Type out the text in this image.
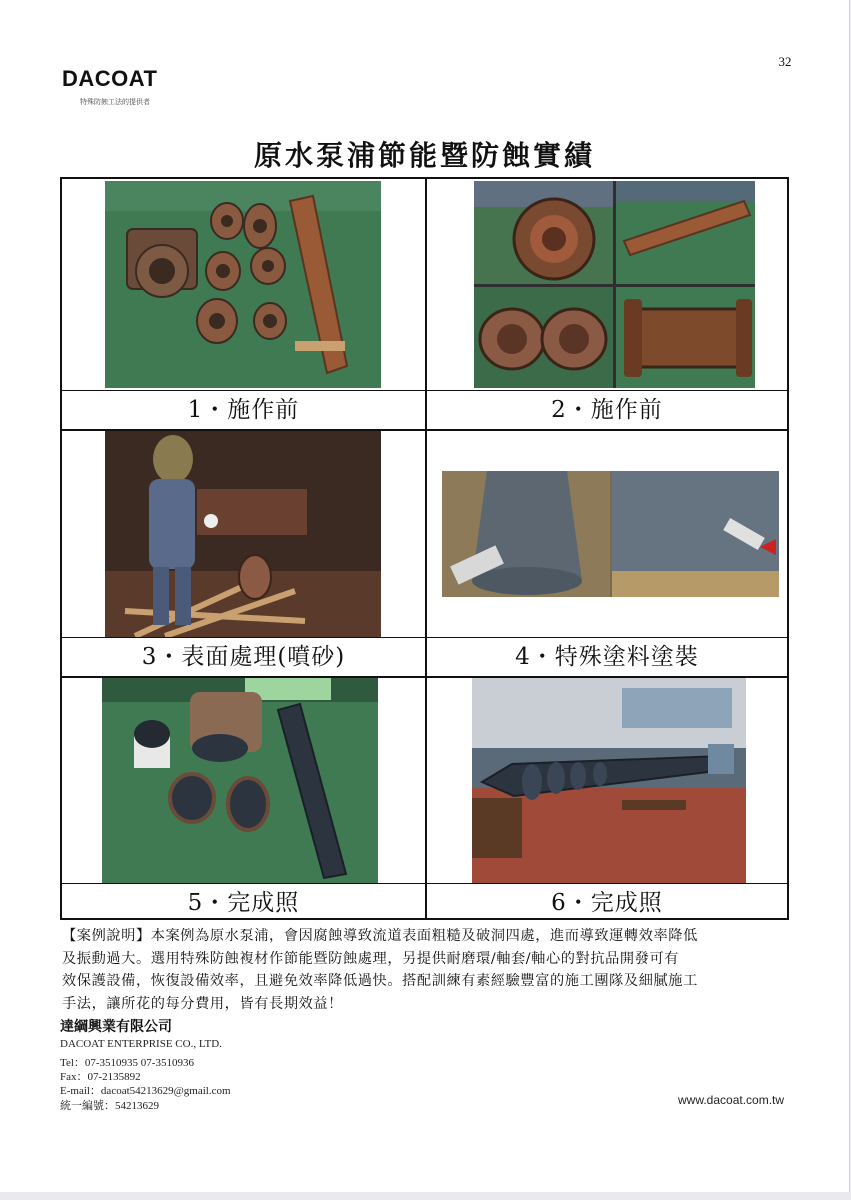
32
DACOAT
特殊防蝕工法的提供者
原水泵浦節能暨防蝕實績
1・施作前	2・施作前
3・表面處理(噴砂)	4・特殊塗料塗裝
5・完成照	6・完成照
【案例說明】本案例為原水泵浦，會因腐蝕導致流道表面粗糙及破洞四處，進而導致運轉效率降低
及振動過大。選用特殊防蝕複材作節能暨防蝕處理，另提供耐磨環/軸套/軸心的對抗品開發可有
效保護設備，恢復設備效率，且避免效率降低過快。搭配訓練有素經驗豐富的施工團隊及細膩施工
手法，讓所花的每分費用，皆有長期效益！
達綱興業有限公司
DACOAT ENTERPRISE CO., LTD.
Tel：07-3510935 07-3510936
Fax：07-2135892
E-mail：dacoat54213629@gmail.com
統一編號：54213629	www.dacoat.com.tw
